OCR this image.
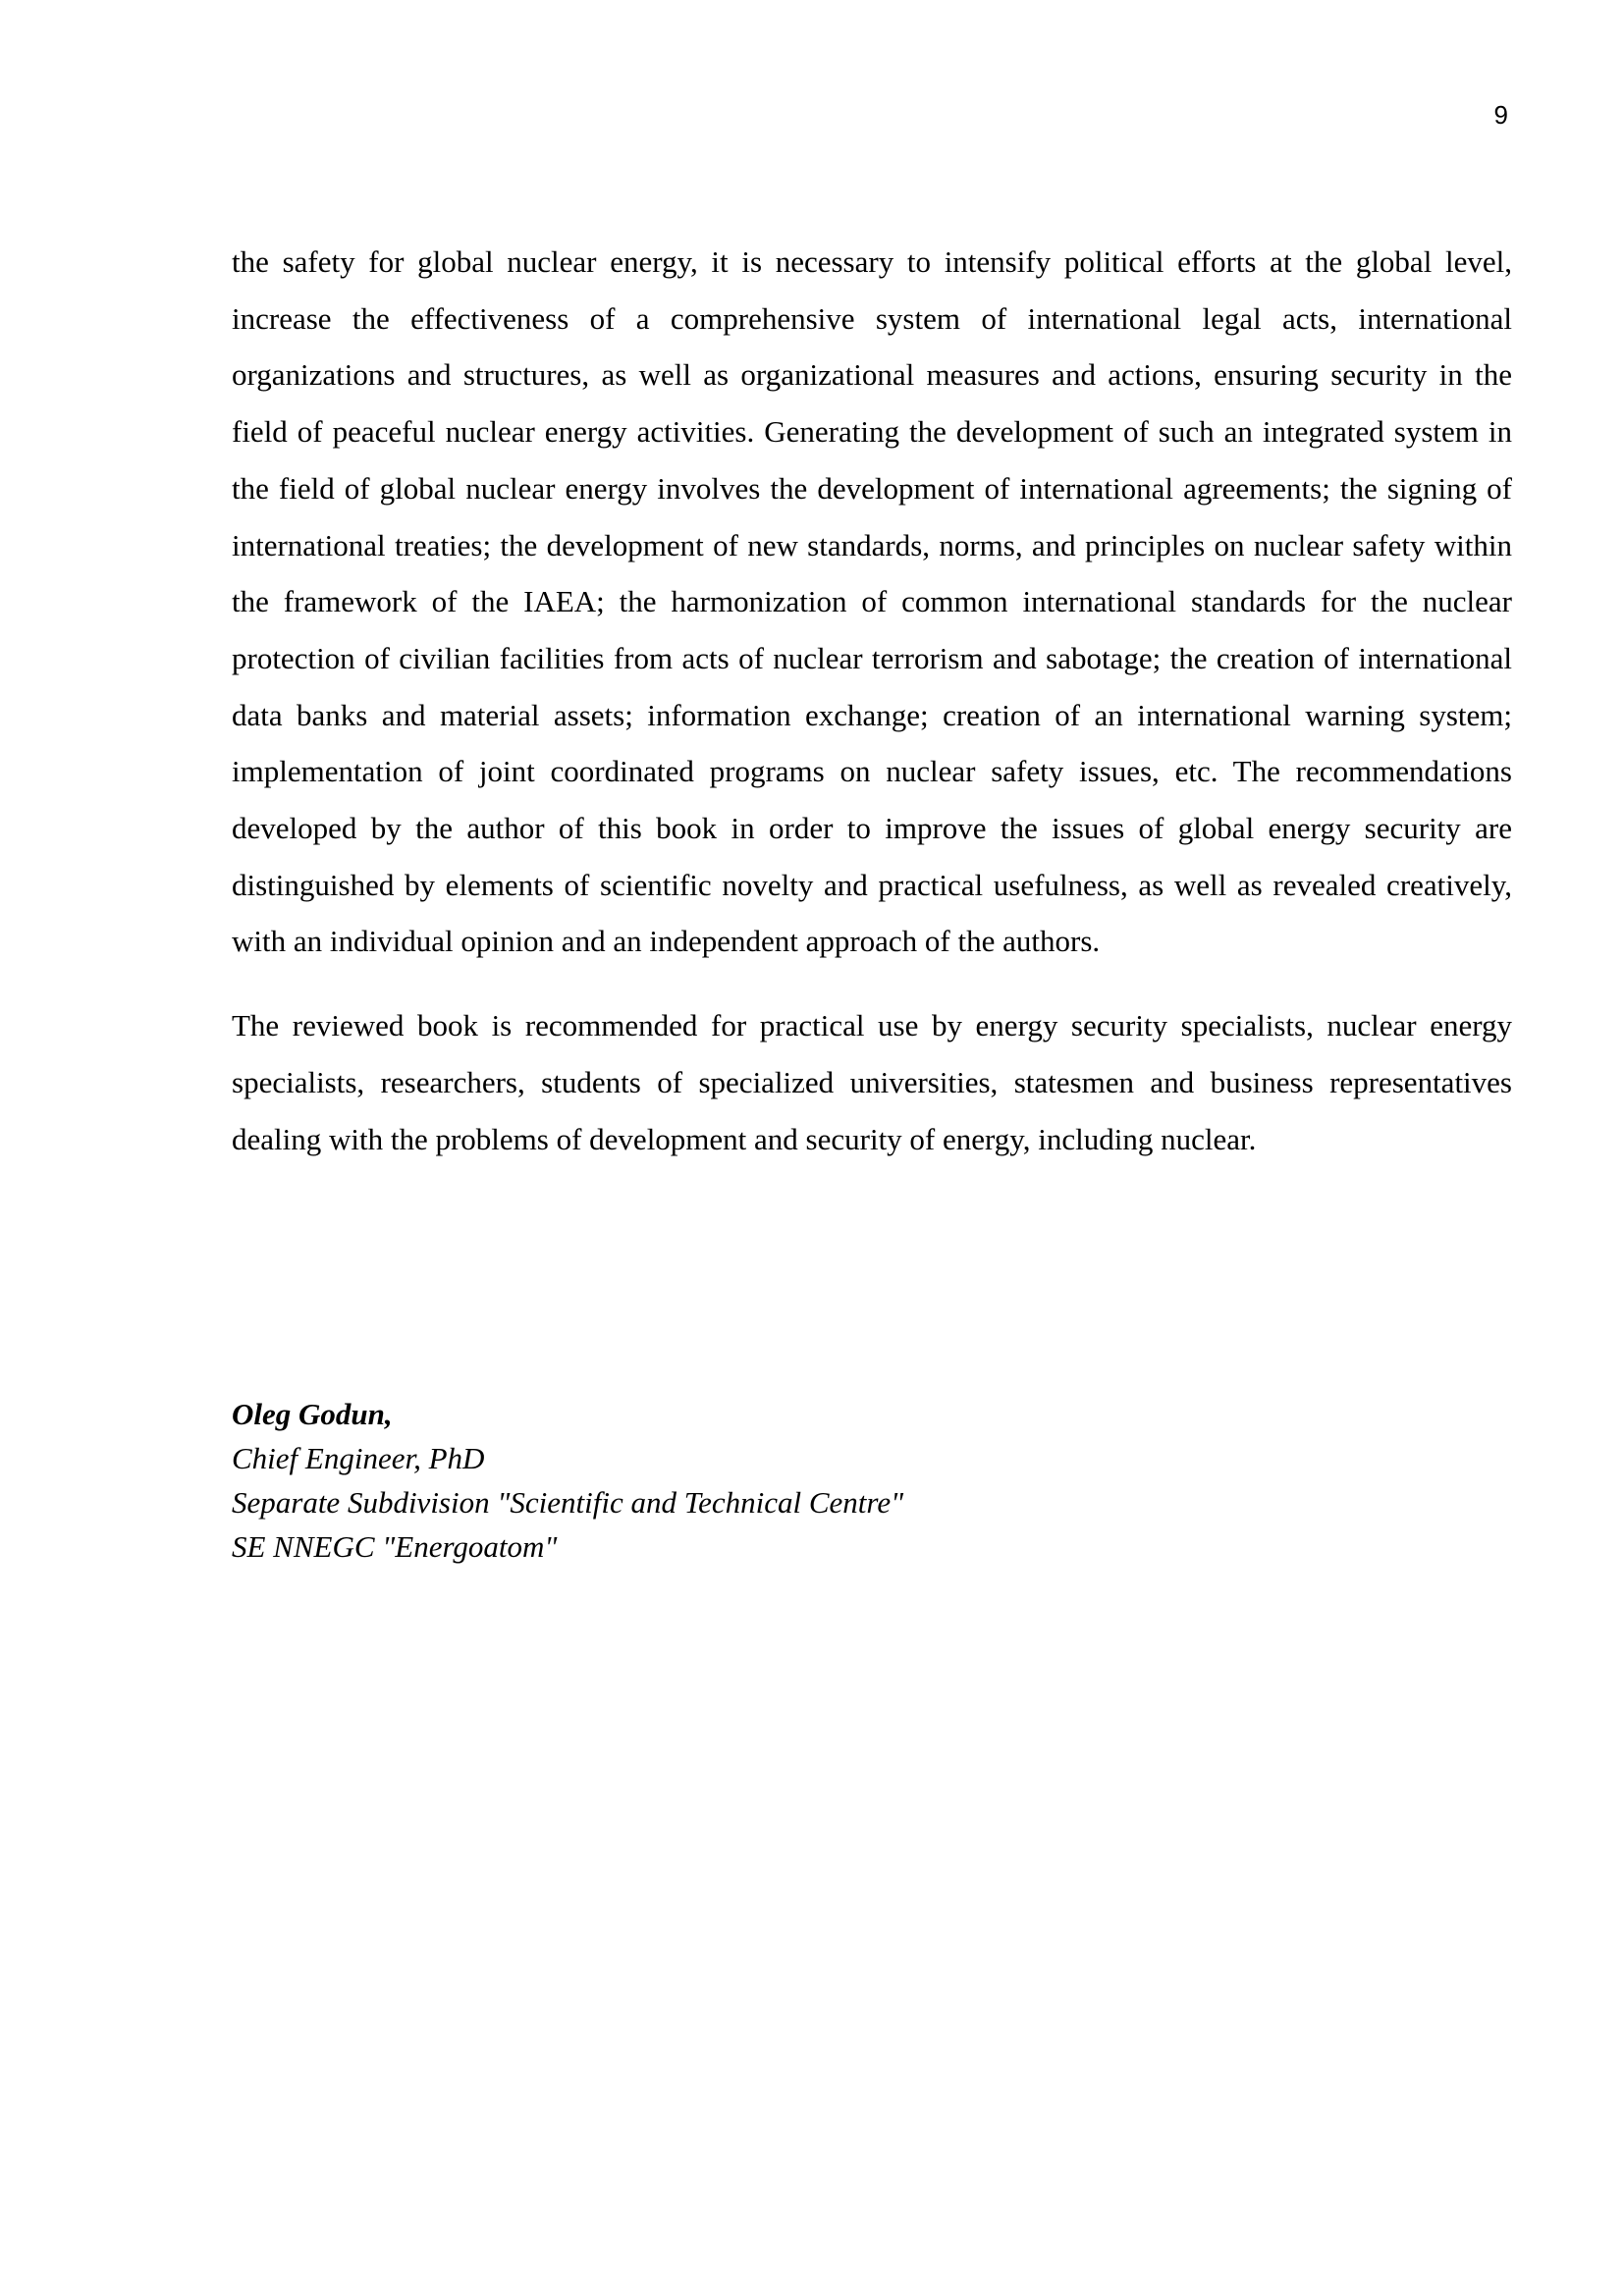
9

the safety for global nuclear energy, it is necessary to intensify political efforts at the global level, increase the effectiveness of a comprehensive system of international legal acts, international organizations and structures, as well as organizational measures and actions, ensuring security in the field of peaceful nuclear energy activities. Generating the development of such an integrated system in the field of global nuclear energy involves the development of international agreements; the signing of international treaties; the development of new standards, norms, and principles on nuclear safety within the framework of the IAEA; the harmonization of common international standards for the nuclear protection of civilian facilities from acts of nuclear terrorism and sabotage; the creation of international data banks and material assets; information exchange; creation of an international warning system; implementation of joint coordinated programs on nuclear safety issues, etc. The recommendations developed by the author of this book in order to improve the issues of global energy security are distinguished by elements of scientific novelty and practical usefulness, as well as revealed creatively, with an individual opinion and an independent approach of the authors.

The reviewed book is recommended for practical use by energy security specialists, nuclear energy specialists, researchers, students of specialized universities, statesmen and business representatives dealing with the problems of development and security of energy, including nuclear.

Oleg Godun,
Chief Engineer, PhD
Separate Subdivision "Scientific and Technical Centre"
SE NNEGC "Energoatom"
